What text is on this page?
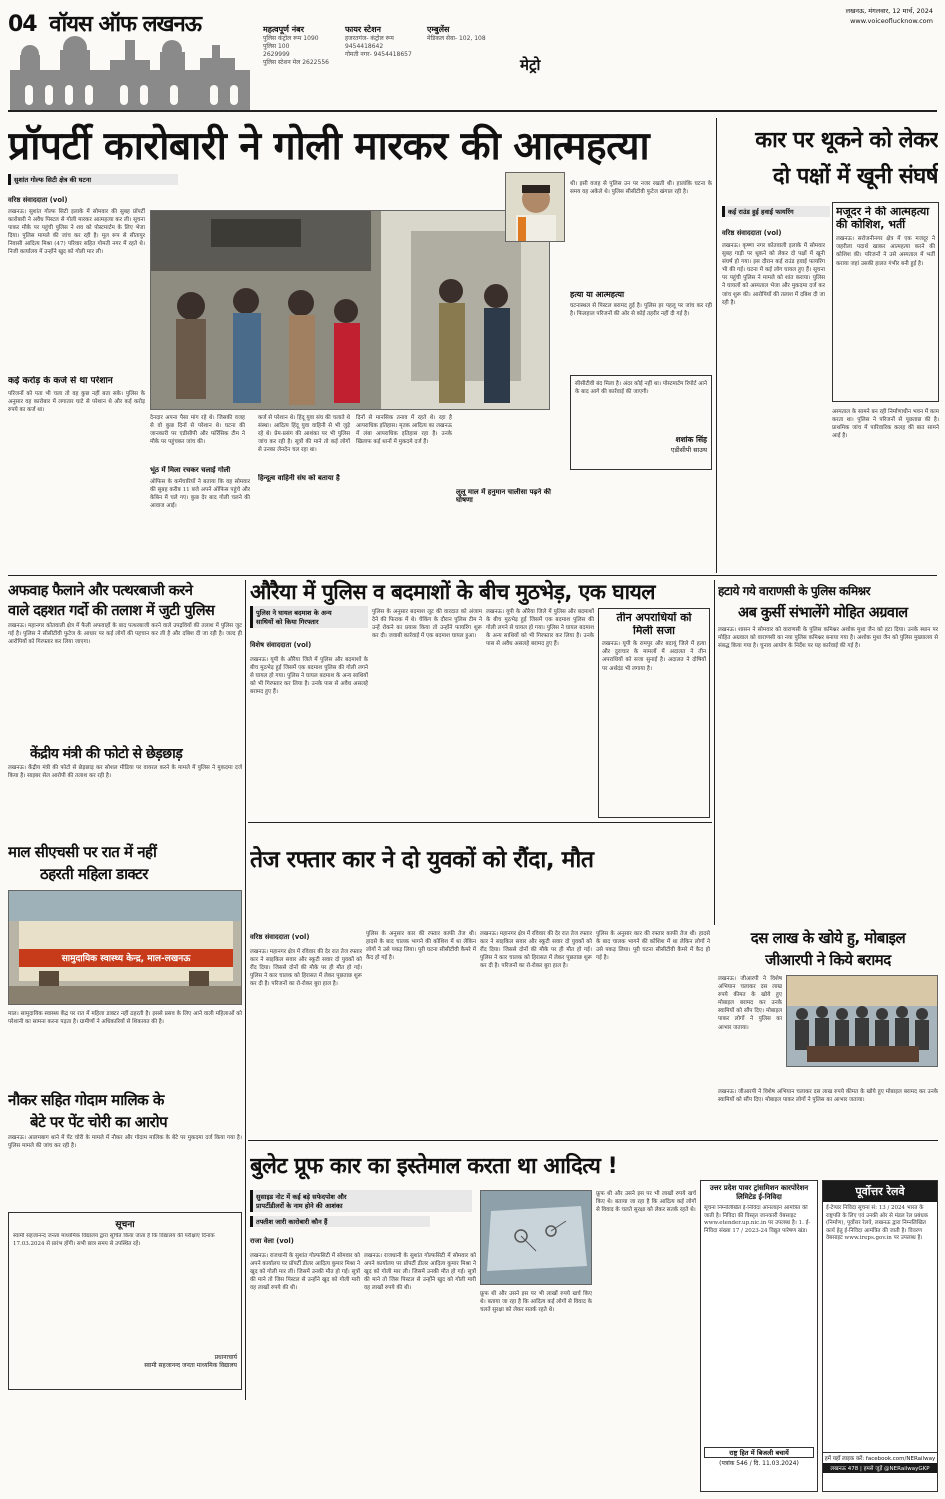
04 वॉयस ऑफ लखनऊ	महत्वपूर्ण नंबर
पुलिस कंट्रोल रूम 1090
पुलिस 100
2629999
पुलिस स्टेशन मेल 2622556
फायर स्टेशन
हजरतगंज- कंट्रोल रूम
9454418642
गोमती नगर- 9454418657
एम्बुलेंस
मेडिकल सेवा- 102, 108
मेट्रो
लखनऊ, मंगलवार, 12 मार्च, 2024
www.voiceoflucknow.com
प्रॉपर्टी कारोबारी ने गोली मारकर की आत्महत्या
सुशांत गोल्फ सिटी क्षेत्र की घटना
वरिष्ठ संवाददाता (vol)
लखनऊ। सुशांत गोल्फ सिटी इलाके में सोमवार की सुबह प्रॉपर्टी कारोबारी ने अवैध पिस्टल से गोली मारकर आत्महत्या कर ली। सूचना पाकर मौके पर पहुंची पुलिस ने शव को पोस्टमार्टम के लिए भेजा दिया। पुलिस मामले की जांच कर रही है। मूल रूप से सीतापुर निवासी आदित्य मिश्रा (47) परिवार सहित गोमती नगर में रहते थे। निजी कार्यालय में उन्होंने खुद को गोली मार ली।
कई करोड़ के कर्ज से था परेशान
परिजनों को पता भी चला तो वह कुछ नहीं बता सके। पुलिस के अनुसार वह कारोबार में लगातार घाटे से परेशान थे और कई करोड़ रुपये का कर्ज था।
देनदार अपना पैसा मांग रहे थे। जिसकी वजह से वो कुछ दिनों से परेशान थे। घटना की जानकारी पर एडीसीपी और फॉरेंसिक टीम ने मौके पर पहुंचकर जांच की।
भूंठ में मिला रचकर चलाई गोली
ऑफिस के कर्मचारियों ने बताया कि वह सोमवार की सुबह करीब 11 बजे अपने ऑफिस पहुंचे और केबिन में चले गए। कुछ देर बाद गोली चलने की आवाज आई।
कर्ज से परेशान थे। हिंदू युवा संघ की चलाते थे संस्था। आदित्य हिंदू युवा वाहिनी से भी जुड़े रहे थे। प्रेम-प्रसंग की आशंका पर भी पुलिस जांच कर रही है। सूत्रों की माने तो कई लोगों से उनका लेनदेन चल रहा था।
हिन्दूत्व वाहिनी संघ को बताया है
दिनों से मानसिक तनाव में रहते थे। रहा है आपराधिक इतिहास। मृतक आदित्य का लखनऊ में लंबा आपराधिक इतिहास रहा है। उनके खिलाफ कई थानों में मुकदमे दर्ज हैं।
लूलू माल में हनुमान चालीसा पढ़ने की घोषणा
थी। इसी वजह से पुलिस उन पर नजर रखती थी। हालांकि घटना के समय वह अकेले थे। पुलिस सीसीटीवी फुटेज खंगाल रही है।
हत्या या आत्महत्या
घटनास्थल से पिस्टल बरामद हुई है। पुलिस हर पहलू पर जांच कर रही है। फिलहाल परिजनों की ओर से कोई तहरीर नहीं दी गई है।
सीसीटीवी बंद मिला है। अंदर कोई नहीं था। पोस्टमार्टम रिपोर्ट आने के बाद आगे की कार्रवाई की जाएगी।
शशांक सिंह
एडीसीपी साउथ
कार पर थूकने को लेकर
दो पक्षों में खूनी संघर्ष
कई राउंड हुई हवाई फायरिंग
वरिष्ठ संवाददाता (vol)
लखनऊ। कृष्णा नगर कोतवाली इलाके में सोमवार सुबह गाड़ी पर थूकने को लेकर दो पक्षों में खूनी संघर्ष हो गया। इस दौरान कई राउंड हवाई फायरिंग भी की गई। घटना में कई लोग घायल हुए हैं। सूचना पर पहुंची पुलिस ने मामले को शांत कराया। पुलिस ने घायलों को अस्पताल भेजा और मुकदमा दर्ज कर जांच शुरू की। आरोपियों की तलाश में दबिश दी जा रही है।
मजूदर ने की आत्महत्या की कोशिश, भर्ती
लखनऊ। सरोजनीनगर क्षेत्र में एक मजदूर ने जहरीला पदार्थ खाकर आत्महत्या करने की कोशिश की। परिजनों ने उसे अस्पताल में भर्ती कराया जहां उसकी हालत गंभीर बनी हुई है।
अस्पताल के सामने बन रही निर्माणाधीन भवन में काम करता था। पुलिस ने परिजनों से पूछताछ की है। प्राथमिक जांच में पारिवारिक कलह की बात सामने आई है।
अफवाह फैलाने और पत्थरबाजी करने
वाले दहशत गर्दो की तलाश में जुटी पुलिस
लखनऊ। महानगर कोतवाली क्षेत्र में फैली अफवाहों के बाद पत्थरबाजी करने वाले उपद्रवियों की तलाश में पुलिस जुट गई है। पुलिस ने सीसीटीवी फुटेज के आधार पर कई लोगों की पहचान कर ली है और दबिश दी जा रही है। जल्द ही आरोपियों को गिरफ्तार कर लिया जाएगा।
केंद्रीय मंत्री की फोटो से छेड़छाड़
लखनऊ। केंद्रीय मंत्री की फोटो से छेड़छाड़ कर सोशल मीडिया पर वायरल करने के मामले में पुलिस ने मुकदमा दर्ज किया है। साइबर सेल आरोपी की तलाश कर रही है।
माल सीएचसी पर रात में नहीं
ठहरती महिला डाक्टर
सामुदायिक स्वास्थ्य केन्द्र, माल-लखनऊ
माल। सामुदायिक स्वास्थ्य केंद्र पर रात में महिला डाक्टर नहीं ठहरती है। इससे प्रसव के लिए आने वाली महिलाओं को परेशानी का सामना करना पड़ता है। ग्रामीणों ने अधिकारियों से शिकायत की है।
नौकर सहित गोदाम मालिक के
बेटे पर पेंट चोरी का आरोप
लखनऊ। आलमबाग थाने में पेंट चोरी के मामले में नौकर और गोदाम मालिक के बेटे पर मुकदमा दर्ज किया गया है। पुलिस मामले की जांच कर रही है।
सूचना
स्वामी सहजानन्द जनता माध्यमिक विद्यालय द्वारा सूचित किया जाता है कि विद्यालय की परीक्षाएं दिनांक 17.03.2024 से प्रारंभ होंगी। सभी छात्र समय से उपस्थित रहें।
प्रधानाचार्य
स्वामी सहजानन्द जनता माध्यमिक विद्यालय
औरैया में पुलिस व बदमाशों के बीच मुठभेड़, एक घायल
पुलिस ने घायल बदमाश के अन्य
साथियों को किया गिरफ्तार
विशेष संवाददाता (vol)
लखनऊ। यूपी के औरैया जिले में पुलिस और बदमाशों के बीच मुठभेड़ हुई जिसमें एक बदमाश पुलिस की गोली लगने से घायल हो गया। पुलिस ने घायल बदमाश के अन्य साथियों को भी गिरफ्तार कर लिया है। उनके पास से अवैध असलहे बरामद हुए हैं।
पुलिस के अनुसार बदमाश लूट की वारदात को अंजाम देने की फिराक में थे। चेकिंग के दौरान पुलिस टीम ने उन्हें रोकने का प्रयास किया तो उन्होंने फायरिंग शुरू कर दी। जवाबी कार्रवाई में एक बदमाश घायल हुआ।
लखनऊ। यूपी के औरैया जिले में पुलिस और बदमाशों के बीच मुठभेड़ हुई जिसमें एक बदमाश पुलिस की गोली लगने से घायल हो गया। पुलिस ने घायल बदमाश के अन्य साथियों को भी गिरफ्तार कर लिया है। उनके पास से अवैध असलहे बरामद हुए हैं।
तीन अपराधियों को
मिली सजा
लखनऊ। यूपी के रामपुर और बदायूं जिले में हत्या और दुराचार के मामलों में अदालत ने तीन अपराधियों को सजा सुनाई है। अदालत ने दोषियों पर अर्थदंड भी लगाया है।
हटाये गये वाराणसी के पुलिस कमिश्नर
अब कुर्सी संभालेंगे मोहित अग्रवाल
लखनऊ। शासन ने सोमवार को वाराणसी के पुलिस कमिश्नर अशोक मुथा जैन को हटा दिया। उनके स्थान पर मोहित अग्रवाल को वाराणसी का नया पुलिस कमिश्नर बनाया गया है। अशोक मुथा जैन को पुलिस मुख्यालय से संबद्ध किया गया है। चुनाव आयोग के निर्देश पर यह कार्रवाई की गई है।
तेज रफ्तार कार ने दो युवकों को रौंदा, मौत
वरिष्ठ संवाददाता (vol)
लखनऊ। महानगर क्षेत्र में रविवार की देर रात तेज रफ्तार कार ने साइकिल सवार और स्कूटी सवार दो युवकों को रौंद दिया। जिससे दोनों की मौके पर ही मौत हो गई। पुलिस ने कार चालक को हिरासत में लेकर पूछताछ शुरू कर दी है। परिजनों का रो-रोकर बुरा हाल है।
पुलिस के अनुसार कार की रफ्तार काफी तेज थी। हादसे के बाद चालक भागने की कोशिश में था लेकिन लोगों ने उसे पकड़ लिया। पूरी घटना सीसीटीवी कैमरे में कैद हो गई है।
लखनऊ। महानगर क्षेत्र में रविवार की देर रात तेज रफ्तार कार ने साइकिल सवार और स्कूटी सवार दो युवकों को रौंद दिया। जिससे दोनों की मौके पर ही मौत हो गई। पुलिस ने कार चालक को हिरासत में लेकर पूछताछ शुरू कर दी है। परिजनों का रो-रोकर बुरा हाल है।
पुलिस के अनुसार कार की रफ्तार काफी तेज थी। हादसे के बाद चालक भागने की कोशिश में था लेकिन लोगों ने उसे पकड़ लिया। पूरी घटना सीसीटीवी कैमरे में कैद हो गई है।
दस लाख के खोये हु, मोबाइल
जीआरपी ने किये बरामद
लखनऊ। जीआरपी ने विशेष अभियान चलाकर दस लाख रुपये कीमत के खोये हुए मोबाइल बरामद कर उनके स्वामियों को सौंप दिए। मोबाइल पाकर लोगों ने पुलिस का आभार जताया।
लखनऊ। जीआरपी ने विशेष अभियान चलाकर दस लाख रुपये कीमत के खोये हुए मोबाइल बरामद कर उनके स्वामियों को सौंप दिए। मोबाइल पाकर लोगों ने पुलिस का आभार जताया।
बुलेट प्रूफ कार का इस्तेमाल करता था आदित्य !
सुसाइड नोट में कई बड़े सफेदपोश और
प्रापर्टीडीलरों के नाम होने की आशंका
तफ्तीश जारी कारोबारी कौन हैं
राजा वेला (vol)
लखनऊ। राजधानी के सुशांत गोल्फसिटी में सोमवार को अपने कार्यालय पर प्रॉपर्टी डीलर आदित्य कुमार मिश्रा ने खुद को गोली मार ली। जिसमें उनकी मौत हो गई। सूत्रों की माने तो जिस पिस्टल से उन्होंने खुद को गोली मारी वह लाखों रुपये की थी।
लखनऊ। राजधानी के सुशांत गोल्फसिटी में सोमवार को अपने कार्यालय पर प्रॉपर्टी डीलर आदित्य कुमार मिश्रा ने खुद को गोली मार ली। जिसमें उनकी मौत हो गई। सूत्रों की माने तो जिस पिस्टल से उन्होंने खुद को गोली मारी वह लाखों रुपये की थी।
फ्रूफ थी और उसने इस पर भी लाखों रुपये खर्च किए थे। बताया जा रहा है कि आदित्य कई लोगों से विवाद के चलते सुरक्षा को लेकर सतर्क रहते थे।
फ्रूफ थी और उसने इस पर भी लाखों रुपये खर्च किए थे। बताया जा रहा है कि आदित्य कई लोगों से विवाद के चलते सुरक्षा को लेकर सतर्क रहते थे।
उत्तर प्रदेश पावर ट्रांसमिशन कारपोरेशन लिमिटेड ई-निविदा
सूचना निम्नलिखित ई-निविदा ऑनलाइन आमंत्रित की जाती है। निविदा की विस्तृत जानकारी वेबसाइट www.etender.up.nic.in पर उपलब्ध है। 1. ई-निविदा संख्या 17 / 2023-24 विद्युत पारेषण खंड।
राष्ट्र हित में बिजली बचायें
(पत्रांक 546 / दि. 11.03.2024)
पूर्वोत्तर रेलवे
ई-टेण्डर निविदा सूचना सं: 13 / 2024 भारत के राष्ट्रपति के लिए एवं उनकी ओर से मंडल रेल प्रबंधक (निर्माण), पूर्वोत्तर रेलवे, लखनऊ द्वारा निम्नलिखित कार्य हेतु ई-निविदा आमंत्रित की जाती है। विवरण वेबसाइट www.ireps.gov.in पर उपलब्ध है।
हमें यहाँ लाइक करें: facebook.com/NERailway
लखनऊ 478 | हमसे जुड़ें @NERailwayGKP
